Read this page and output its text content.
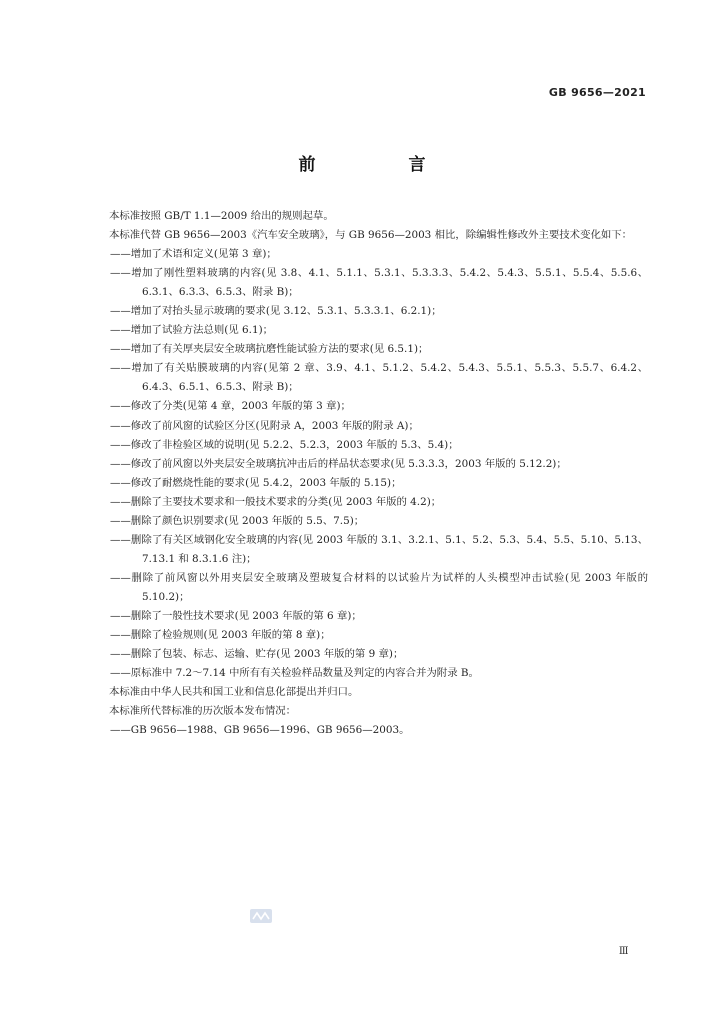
GB 9656—2021
前　言

本标准按照 GB/T 1.1—2009 给出的规则起草。

本标准代替 GB 9656—2003《汽车安全玻璃》，与 GB 9656—2003 相比，除编辑性修改外主要技术变化如下：

——增加了术语和定义(见第 3 章)；

——增加了刚性塑料玻璃的内容(见 3.8、4.1、5.1.1、5.3.1、5.3.3.3、5.4.2、5.4.3、5.5.1、5.5.4、5.5.6、6.3.1、6.3.3、6.5.3、附录 B)；

——增加了对抬头显示玻璃的要求(见 3.12、5.3.1、5.3.3.1、6.2.1)；

——增加了试验方法总则(见 6.1)；

——增加了有关厚夹层安全玻璃抗磨性能试验方法的要求(见 6.5.1)；

——增加了有关贴膜玻璃的内容(见第 2 章、3.9、4.1、5.1.2、5.4.2、5.4.3、5.5.1、5.5.3、5.5.7、6.4.2、6.4.3、6.5.1、6.5.3、附录 B)；

——修改了分类(见第 4 章，2003 年版的第 3 章)；

——修改了前风窗的试验区分区(见附录 A，2003 年版的附录 A)；

——修改了非检验区域的说明(见 5.2.2、5.2.3，2003 年版的 5.3、5.4)；

——修改了前风窗以外夹层安全玻璃抗冲击后的样品状态要求(见 5.3.3.3，2003 年版的 5.12.2)；

——修改了耐燃烧性能的要求(见 5.4.2，2003 年版的 5.15)；

——删除了主要技术要求和一般技术要求的分类(见 2003 年版的 4.2)；

——删除了颜色识别要求(见 2003 年版的 5.5、7.5)；

——删除了有关区域钢化安全玻璃的内容(见 2003 年版的 3.1、3.2.1、5.1、5.2、5.3、5.4、5.5、5.10、5.13、7.13.1 和 8.3.1.6 注)；

——删除了前风窗以外用夹层安全玻璃及塑玻复合材料的以试验片为试样的人头模型冲击试验(见 2003 年版的 5.10.2)；

——删除了一般性技术要求(见 2003 年版的第 6 章)；

——删除了检验规则(见 2003 年版的第 8 章)；

——删除了包装、标志、运输、贮存(见 2003 年版的第 9 章)；

——原标准中 7.2～7.14 中所有有关检验样品数量及判定的内容合并为附录 B。

本标准由中华人民共和国工业和信息化部提出并归口。

本标准所代替标准的历次版本发布情况：

——GB 9656—1988、GB 9656—1996、GB 9656—2003。

Ⅲ
